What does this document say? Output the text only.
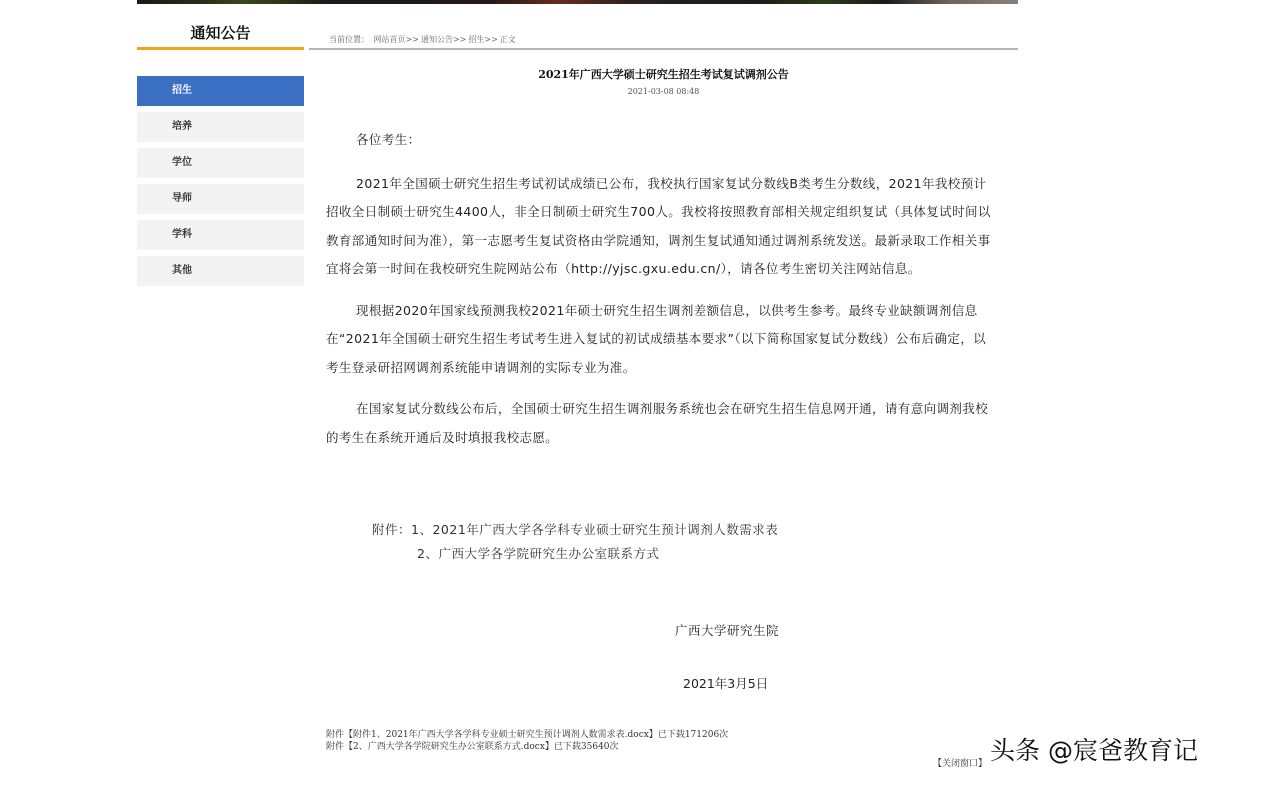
通知公告
招生
培养
学位
导师
学科
其他
当前位置： 网站首页>> 通知公告>> 招生>> 正文
2021年广西大学硕士研究生招生考试复试调剂公告
2021-03-08 08:48
各位考生：

2021年全国硕士研究生招生考试初试成绩已公布，我校执行国家复试分数线B类考生分数线，2021年我校预计招收全日制硕士研究生4400人，非全日制硕士研究生700人。我校将按照教育部相关规定组织复试（具体复试时间以教育部通知时间为准），第一志愿考生复试资格由学院通知，调剂生复试通知通过调剂系统发送。最新录取工作相关事宜将会第一时间在我校研究生院网站公布（http://yjsc.gxu.edu.cn/），请各位考生密切关注网站信息。

现根据2020年国家线预测我校2021年硕士研究生招生调剂差额信息，以供考生参考。最终专业缺额调剂信息在“2021年全国硕士研究生招生考试考生进入复试的初试成绩基本要求”（以下简称国家复试分数线）公布后确定，以考生登录研招网调剂系统能申请调剂的实际专业为准。

在国家复试分数线公布后，全国硕士研究生招生调剂服务系统也会在研究生招生信息网开通，请有意向调剂我校的考生在系统开通后及时填报我校志愿。

附件：1、2021年广西大学各学科专业硕士研究生预计调剂人数需求表
2、广西大学各学院研究生办公室联系方式
广西大学研究生院
2021年3月5日
附件【附件1、2021年广西大学各学科专业硕士研究生预计调剂人数需求表.docx】已下载171206次
附件【2、广西大学各学院研究生办公室联系方式.docx】已下载35640次
【关闭窗口】 头条 @宸爸教育记
